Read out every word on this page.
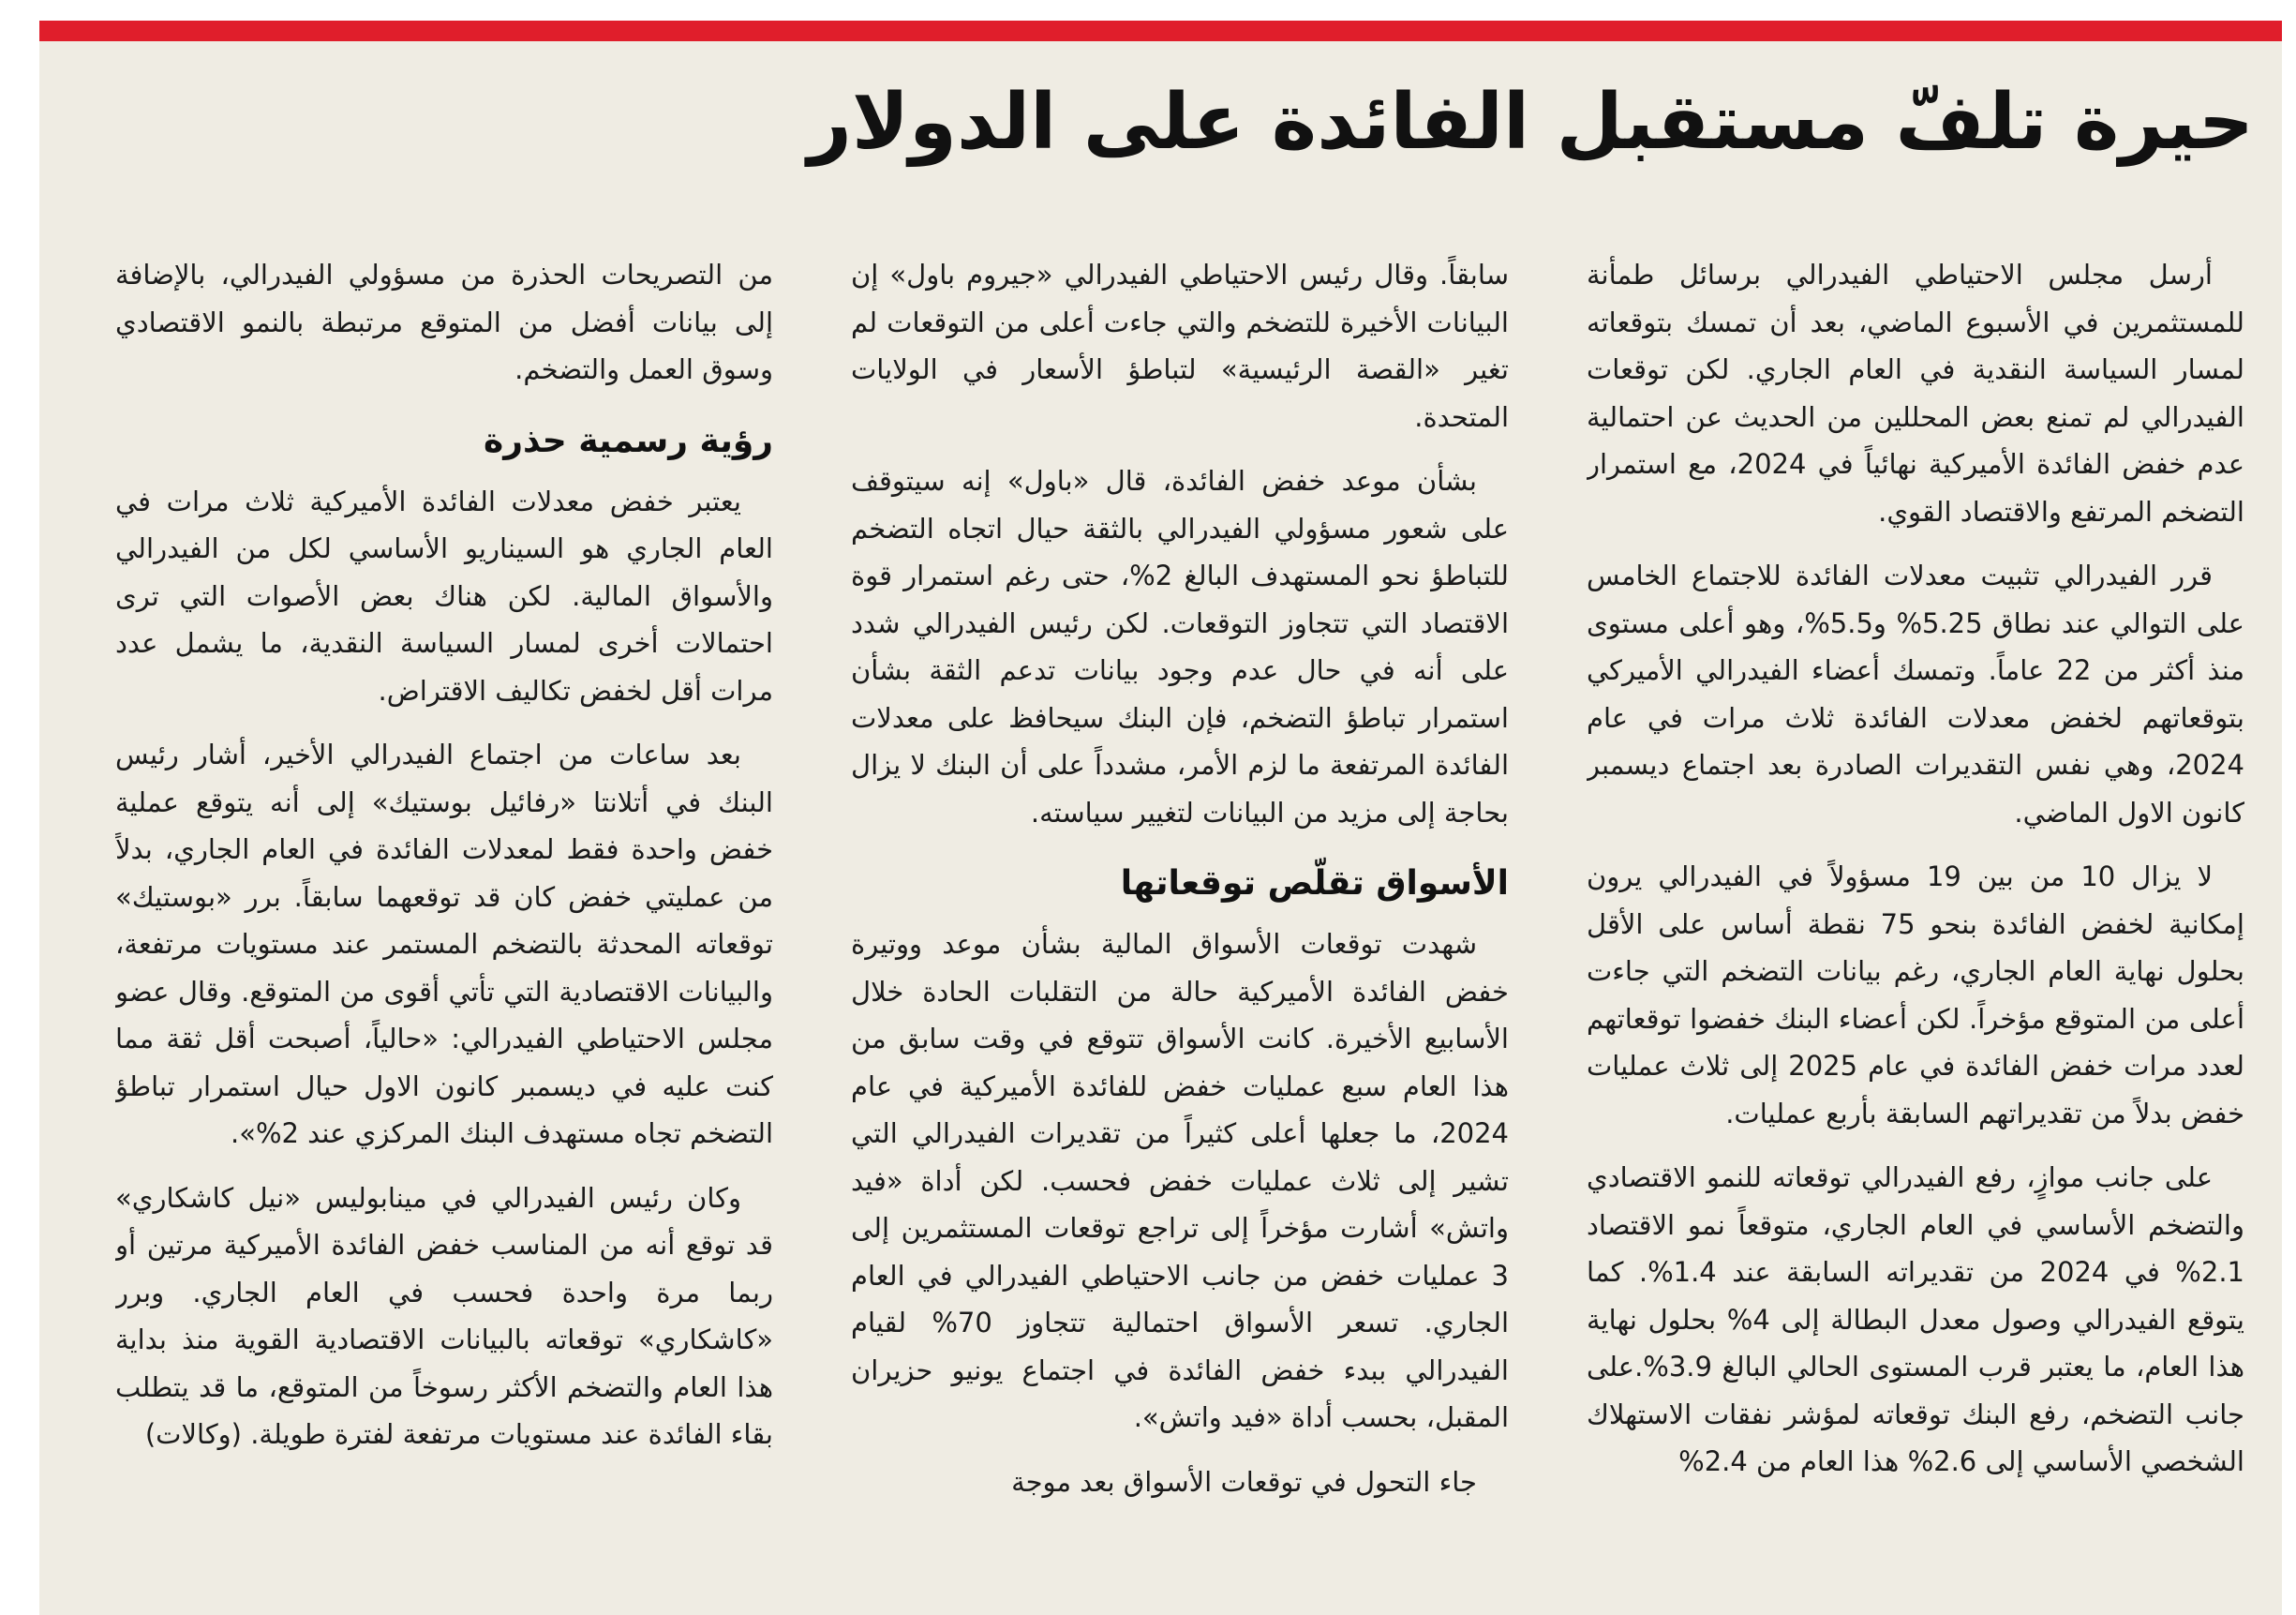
حيرة تلفّ مستقبل الفائدة على الدولار

أرسل مجلس الاحتياطي الفيدرالي برسائل طمأنة للمستثمرين في الأسبوع الماضي، بعد أن تمسك بتوقعاته لمسار السياسة النقدية في العام الجاري. لكن توقعات الفيدرالي لم تمنع بعض المحللين من الحديث عن احتمالية عدم خفض الفائدة الأميركية نهائياً في 2024، مع استمرار التضخم المرتفع والاقتصاد القوي.

قرر الفيدرالي تثبيت معدلات الفائدة للاجتماع الخامس على التوالي عند نطاق 5.25% و5.5%، وهو أعلى مستوى منذ أكثر من 22 عاماً. وتمسك أعضاء الفيدرالي الأميركي بتوقعاتهم لخفض معدلات الفائدة ثلاث مرات في عام 2024، وهي نفس التقديرات الصادرة بعد اجتماع ديسمبر كانون الاول الماضي.

لا يزال 10 من بين 19 مسؤولاً في الفيدرالي يرون إمكانية لخفض الفائدة بنحو 75 نقطة أساس على الأقل بحلول نهاية العام الجاري، رغم بيانات التضخم التي جاءت أعلى من المتوقع مؤخراً. لكن أعضاء البنك خفضوا توقعاتهم لعدد مرات خفض الفائدة في عام 2025 إلى ثلاث عمليات خفض بدلاً من تقديراتهم السابقة بأربع عمليات.

على جانب موازٍ، رفع الفيدرالي توقعاته للنمو الاقتصادي والتضخم الأساسي في العام الجاري، متوقعاً نمو الاقتصاد 2.1% في 2024 من تقديراته السابقة عند 1.4%. كما يتوقع الفيدرالي وصول معدل البطالة إلى 4% بحلول نهاية هذا العام، ما يعتبر قرب المستوى الحالي البالغ 3.9%.على جانب التضخم، رفع البنك توقعاته لمؤشر نفقات الاستهلاك الشخصي الأساسي إلى 2.6% هذا العام من 2.4%

سابقاً. وقال رئيس الاحتياطي الفيدرالي «جيروم باول» إن البيانات الأخيرة للتضخم والتي جاءت أعلى من التوقعات لم تغير «القصة الرئيسية» لتباطؤ الأسعار في الولايات المتحدة.

بشأن موعد خفض الفائدة، قال «باول» إنه سيتوقف على شعور مسؤولي الفيدرالي بالثقة حيال اتجاه التضخم للتباطؤ نحو المستهدف البالغ 2%، حتى رغم استمرار قوة الاقتصاد التي تتجاوز التوقعات. لكن رئيس الفيدرالي شدد على أنه في حال عدم وجود بيانات تدعم الثقة بشأن استمرار تباطؤ التضخم، فإن البنك سيحافظ على معدلات الفائدة المرتفعة ما لزم الأمر، مشدداً على أن البنك لا يزال بحاجة إلى مزيد من البيانات لتغيير سياسته.

الأسواق تقلّص توقعاتها

شهدت توقعات الأسواق المالية بشأن موعد ووتيرة خفض الفائدة الأميركية حالة من التقلبات الحادة خلال الأسابيع الأخيرة. كانت الأسواق تتوقع في وقت سابق من هذا العام سبع عمليات خفض للفائدة الأميركية في عام 2024، ما جعلها أعلى كثيراً من تقديرات الفيدرالي التي تشير إلى ثلاث عمليات خفض فحسب. لكن أداة «فيد واتش» أشارت مؤخراً إلى تراجع توقعات المستثمرين إلى 3 عمليات خفض من جانب الاحتياطي الفيدرالي في العام الجاري. تسعر الأسواق احتمالية تتجاوز 70% لقيام الفيدرالي ببدء خفض الفائدة في اجتماع يونيو حزيران المقبل، بحسب أداة «فيد واتش».

جاء التحول في توقعات الأسواق بعد موجة

من التصريحات الحذرة من مسؤولي الفيدرالي، بالإضافة إلى بيانات أفضل من المتوقع مرتبطة بالنمو الاقتصادي وسوق العمل والتضخم.

رؤية رسمية حذرة

يعتبر خفض معدلات الفائدة الأميركية ثلاث مرات في العام الجاري هو السيناريو الأساسي لكل من الفيدرالي والأسواق المالية. لكن هناك بعض الأصوات التي ترى احتمالات أخرى لمسار السياسة النقدية، ما يشمل عدد مرات أقل لخفض تكاليف الاقتراض.

بعد ساعات من اجتماع الفيدرالي الأخير، أشار رئيس البنك في أتلانتا «رفائيل بوستيك» إلى أنه يتوقع عملية خفض واحدة فقط لمعدلات الفائدة في العام الجاري، بدلاً من عمليتي خفض كان قد توقعهما سابقاً. برر «بوستيك» توقعاته المحدثة بالتضخم المستمر عند مستويات مرتفعة، والبيانات الاقتصادية التي تأتي أقوى من المتوقع. وقال عضو مجلس الاحتياطي الفيدرالي: «حالياً، أصبحت أقل ثقة مما كنت عليه في ديسمبر كانون الاول حيال استمرار تباطؤ التضخم تجاه مستهدف البنك المركزي عند 2%».

وكان رئيس الفيدرالي في مينابوليس «نيل كاشكاري» قد توقع أنه من المناسب خفض الفائدة الأميركية مرتين أو ربما مرة واحدة فحسب في العام الجاري. وبرر «كاشكاري» توقعاته بالبيانات الاقتصادية القوية منذ بداية هذا العام والتضخم الأكثر رسوخاً من المتوقع، ما قد يتطلب بقاء الفائدة عند مستويات مرتفعة لفترة طويلة. (وكالات)
